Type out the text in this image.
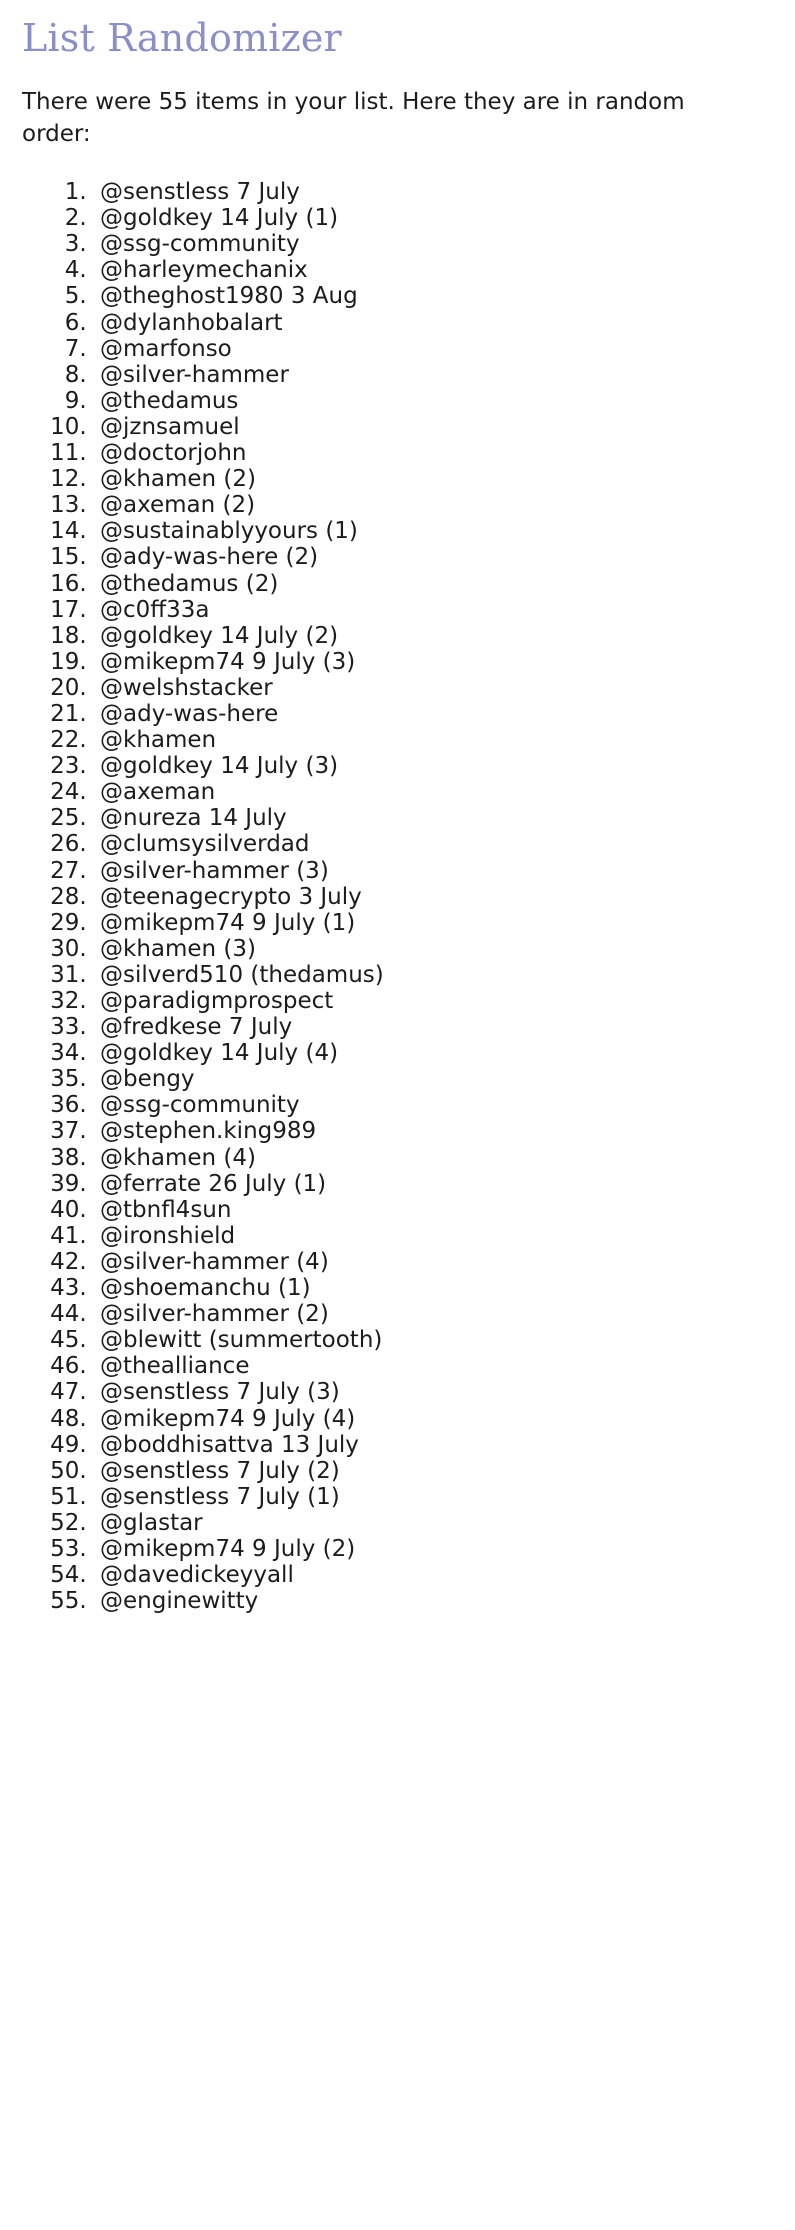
List Randomizer

There were 55 items in your list. Here they are in random order:

1. @senstless 7 July
2. @goldkey 14 July (1)
3. @ssg-community
4. @harleymechanix
5. @theghost1980 3 Aug
6. @dylanhobalart
7. @marfonso
8. @silver-hammer
9. @thedamus
10. @jznsamuel
11. @doctorjohn
12. @khamen (2)
13. @axeman (2)
14. @sustainablyyours (1)
15. @ady-was-here (2)
16. @thedamus (2)
17. @c0ff33a
18. @goldkey 14 July (2)
19. @mikepm74 9 July (3)
20. @welshstacker
21. @ady-was-here
22. @khamen
23. @goldkey 14 July (3)
24. @axeman
25. @nureza 14 July
26. @clumsysilverdad
27. @silver-hammer (3)
28. @teenagecrypto 3 July
29. @mikepm74 9 July (1)
30. @khamen (3)
31. @silverd510 (thedamus)
32. @paradigmprospect
33. @fredkese 7 July
34. @goldkey 14 July (4)
35. @bengy
36. @ssg-community
37. @stephen.king989
38. @khamen (4)
39. @ferrate 26 July (1)
40. @tbnfl4sun
41. @ironshield
42. @silver-hammer (4)
43. @shoemanchu (1)
44. @silver-hammer (2)
45. @blewitt (summertooth)
46. @thealliance
47. @senstless 7 July (3)
48. @mikepm74 9 July (4)
49. @boddhisattva 13 July
50. @senstless 7 July (2)
51. @senstless 7 July (1)
52. @glastar
53. @mikepm74 9 July (2)
54. @davedickeyyall
55. @enginewitty
